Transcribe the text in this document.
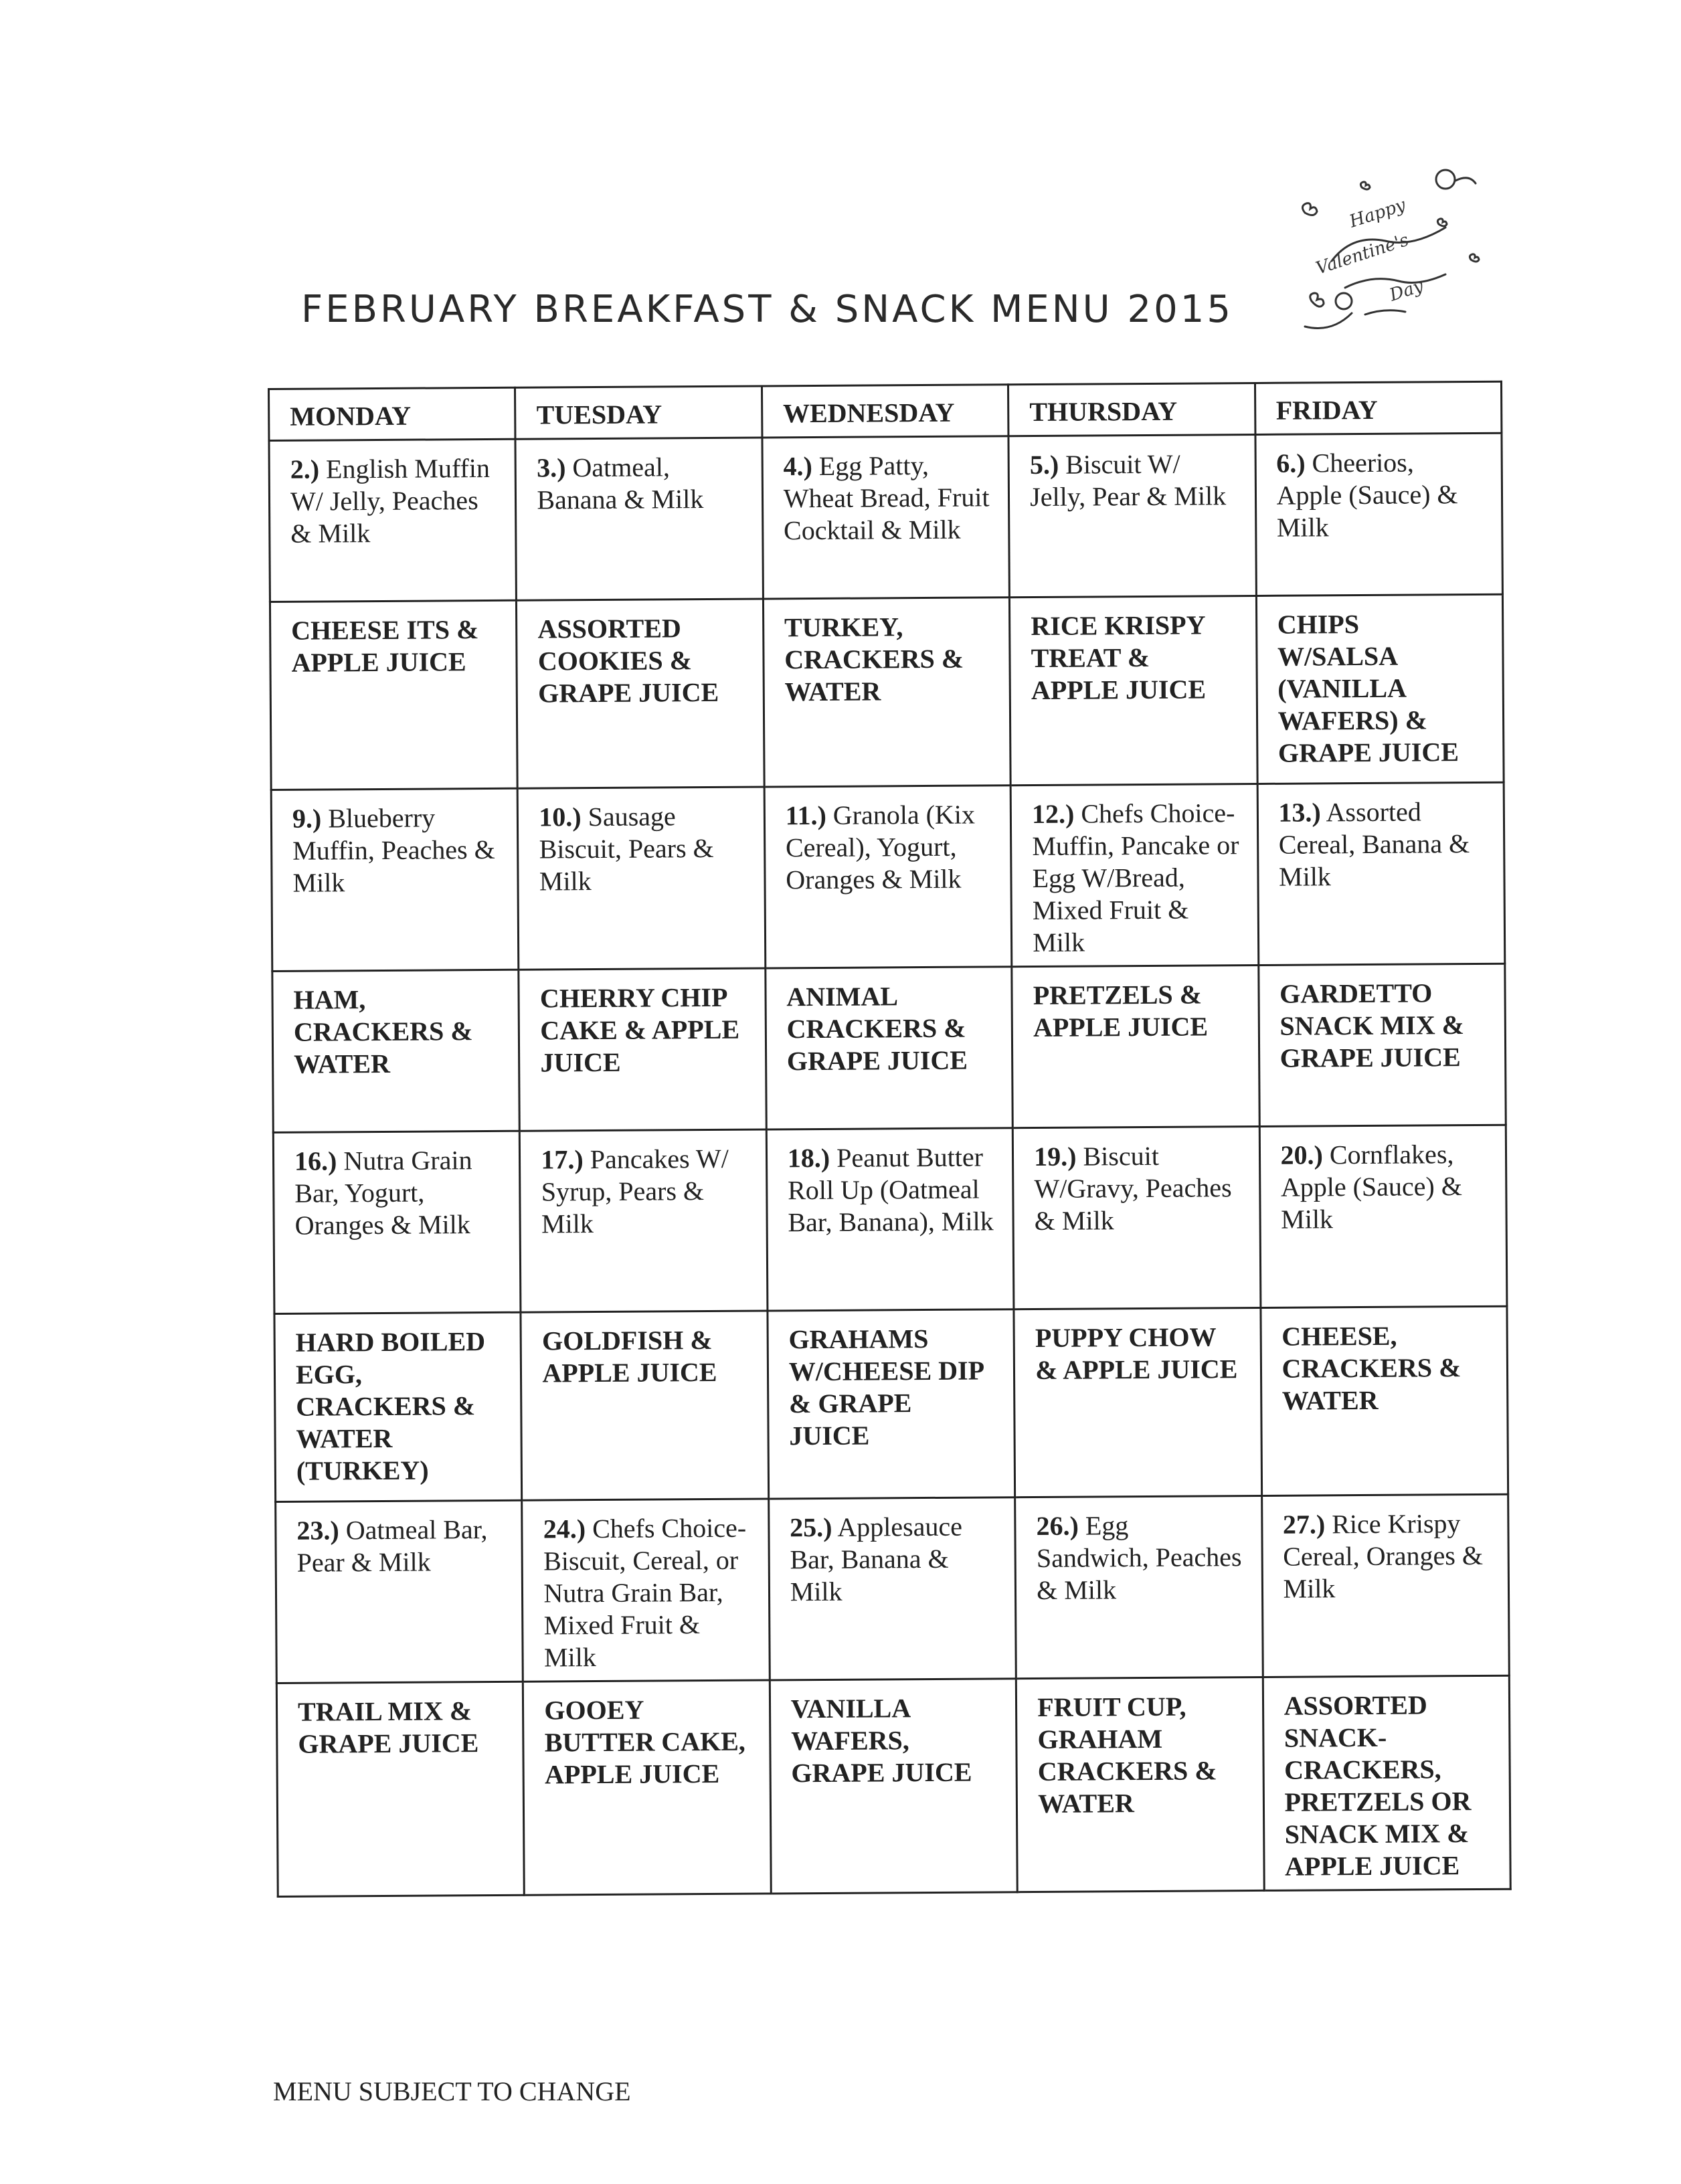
FEBRUARY BREAKFAST & SNACK MENU 2015
Happy
Valentine's
Day
MONDAY	TUESDAY	WEDNESDAY	THURSDAY	FRIDAY
2.) English Muffin W/ Jelly, Peaches & Milk	3.) Oatmeal, Banana & Milk	4.) Egg Patty, Wheat Bread, Fruit Cocktail & Milk	5.) Biscuit W/ Jelly, Pear & Milk	6.) Cheerios, Apple (Sauce) & Milk
CHEESE ITS & APPLE JUICE	ASSORTED COOKIES & GRAPE JUICE	TURKEY, CRACKERS & WATER	RICE KRISPY TREAT & APPLE JUICE	CHIPS W/SALSA (VANILLA WAFERS) & GRAPE JUICE
9.) Blueberry Muffin, Peaches & Milk	10.) Sausage Biscuit, Pears & Milk	11.) Granola (Kix Cereal), Yogurt, Oranges & Milk	12.) Chefs Choice- Muffin, Pancake or Egg W/Bread, Mixed Fruit & Milk	13.) Assorted Cereal, Banana & Milk
HAM, CRACKERS & WATER	CHERRY CHIP CAKE & APPLE JUICE	ANIMAL CRACKERS & GRAPE JUICE	PRETZELS & APPLE JUICE	GARDETTO SNACK MIX & GRAPE JUICE
16.) Nutra Grain Bar, Yogurt, Oranges & Milk	17.) Pancakes W/ Syrup, Pears & Milk	18.) Peanut Butter Roll Up (Oatmeal Bar, Banana), Milk	19.) Biscuit W/Gravy, Peaches & Milk	20.) Cornflakes, Apple (Sauce) & Milk
HARD BOILED EGG, CRACKERS & WATER (TURKEY)	GOLDFISH & APPLE JUICE	GRAHAMS W/CHEESE DIP & GRAPE JUICE	PUPPY CHOW & APPLE JUICE	CHEESE, CRACKERS & WATER
23.) Oatmeal Bar, Pear & Milk	24.) Chefs Choice- Biscuit, Cereal, or Nutra Grain Bar, Mixed Fruit & Milk	25.) Applesauce Bar, Banana & Milk	26.) Egg Sandwich, Peaches & Milk	27.) Rice Krispy Cereal, Oranges & Milk
TRAIL MIX & GRAPE JUICE	GOOEY BUTTER CAKE, APPLE JUICE	VANILLA WAFERS, GRAPE JUICE	FRUIT CUP, GRAHAM CRACKERS & WATER	ASSORTED SNACK- CRACKERS, PRETZELS OR SNACK MIX & APPLE JUICE
MENU SUBJECT TO CHANGE
